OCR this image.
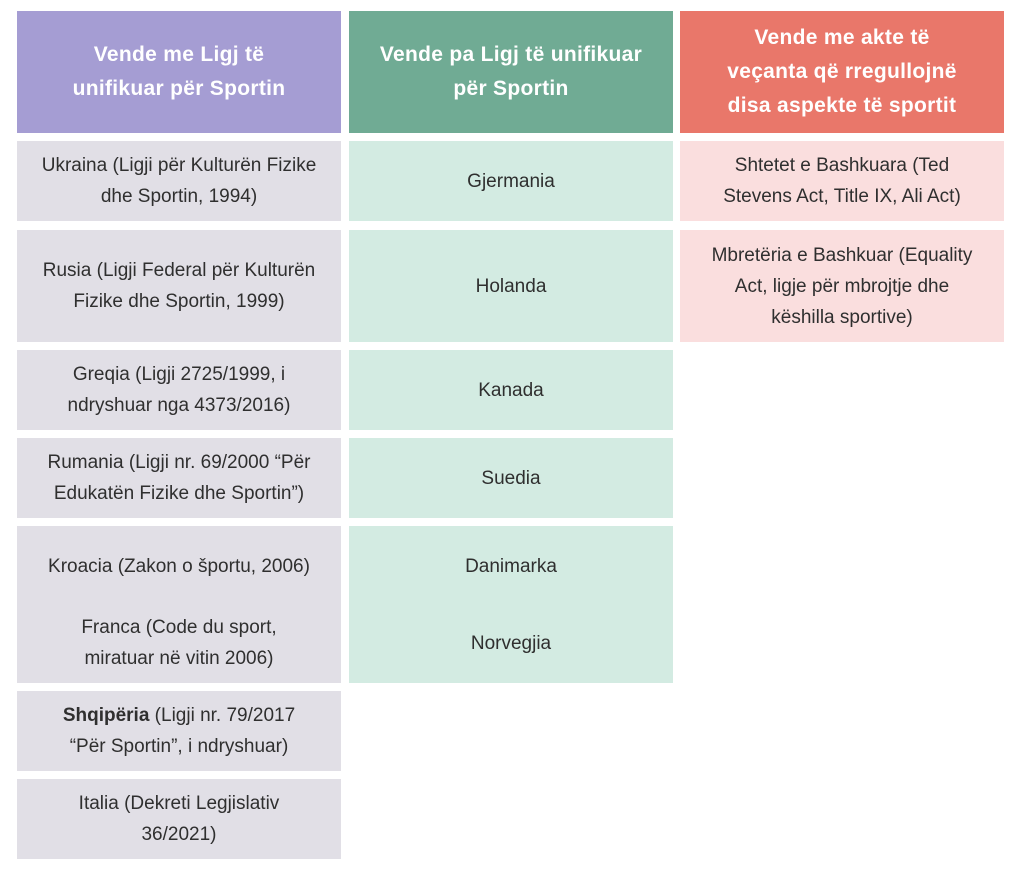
Vende me Ligj të
unifikuar për Sportin
Ukraina (Ligji për Kulturën Fizike
dhe Sportin, 1994)
Rusia (Ligji Federal për Kulturën
Fizike dhe Sportin, 1999)
Greqia (Ligji 2725/1999, i
ndryshuar nga 4373/2016)
Rumania (Ligji nr. 69/2000 “Për
Edukatën Fizike dhe Sportin”)
Kroacia (Zakon o športu, 2006)
Franca (Code du sport,
miratuar në vitin 2006)
Shqipëria (Ligji nr. 79/2017
“Për Sportin”, i ndryshuar)
Italia (Dekreti Legjislativ
36/2021)
Vende pa Ligj të unifikuar
për Sportin
Gjermania
Holanda
Kanada
Suedia
Danimarka
Norvegjia
Vende me akte të
veçanta që rregullojnë
disa aspekte të sportit
Shtetet e Bashkuara (Ted
Stevens Act, Title IX, Ali Act)
Mbretëria e Bashkuar (Equality
Act, ligje për mbrojtje dhe
këshilla sportive)
